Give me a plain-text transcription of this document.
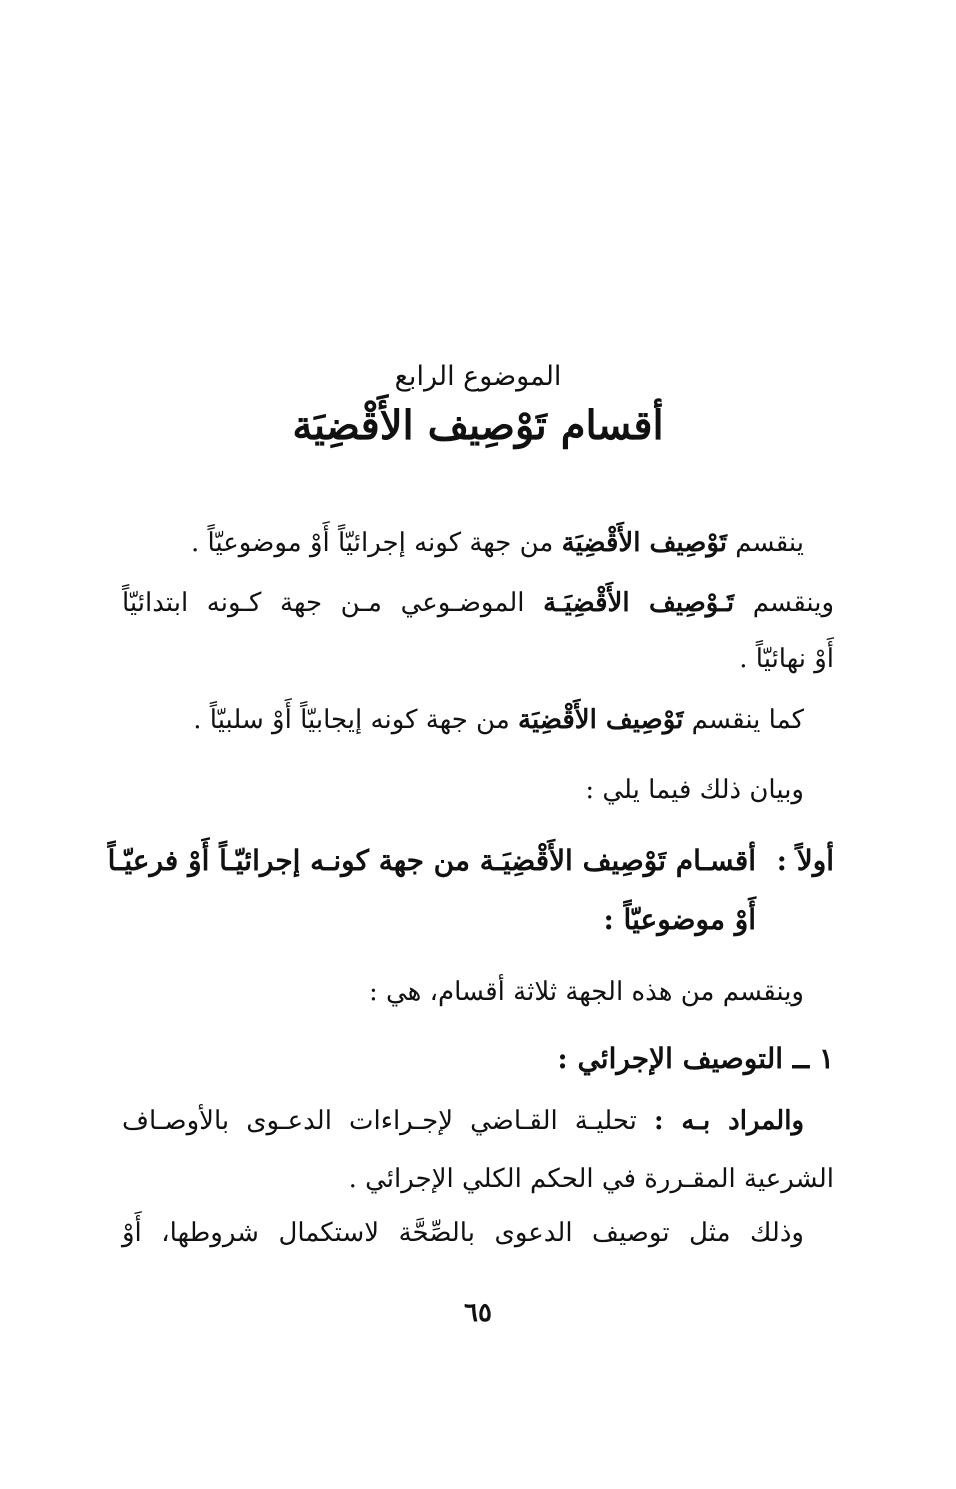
الموضوع الرابع
أقسام تَوْصِيف الأَقْضِيَة
ينقسم تَوْصِيف الأَقْضِيَة من جهة كونه إجرائيّاً أَوْ موضوعيّاً .
وينقسم تَـوْصِيف الأَقْضِيَـة الموضـوعي مـن جهة كـونه ابتدائيّاً
أَوْ نهائيّاً .
كما ينقسم تَوْصِيف الأَقْضِيَة من جهة كونه إيجابيّاً أَوْ سلبيّاً .
وبيان ذلك فيما يلي :
أولاً :
أقسـام تَوْصِيف الأَقْضِيَـة من جهة كونـه إجرائيّـاً أَوْ فرعيّـاً
أَوْ موضوعيّاً :
وينقسم من هذه الجهة ثلاثة أقسام، هي :
١ ــ التوصيف الإجرائي :
والمراد بـه : تحليـة القـاضي لإجـراءات الدعـوى بالأوصـاف
الشرعية المقـررة في الحكم الكلي الإجرائي .
وذلك مثل توصيف الدعوى بالصِّحَّة لاستكمال شروطها، أَوْ
٦٥
